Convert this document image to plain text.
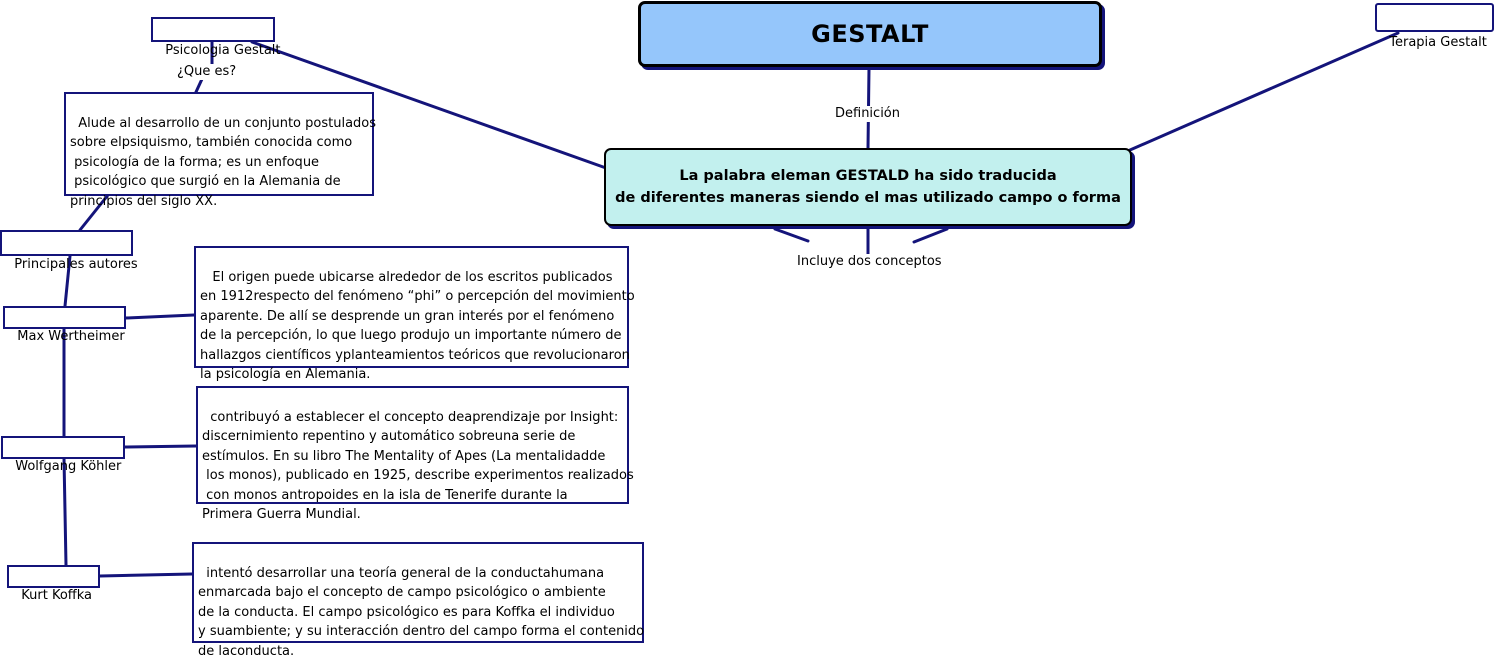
GESTALT
Definición
La palabra eleman GESTALD ha sido traducida
de diferentes maneras siendo el mas utilizado campo o forma
Incluye dos conceptos

Terapia Gestalt

Psicologia Gestalt

¿Que es?

Alude al desarrollo de un conjunto postulados
sobre elpsiquismo, también conocida como
psicología de la forma; es un enfoque
psicológico que surgió en la Alemania de
principios del siglo XX.

Principales autores

Max Wertheimer

El origen puede ubicarse alrededor de los escritos publicados
en 1912respecto del fenómeno “phi” o percepción del movimiento
aparente. De allí se desprende un gran interés por el fenómeno
de la percepción, lo que luego produjo un importante número de
hallazgos científicos yplanteamientos teóricos que revolucionaron
la psicología en Alemania.

Wolfgang Köhler

contribuyó a establecer el concepto deaprendizaje por Insight:
discernimiento repentino y automático sobreuna serie de
estímulos. En su libro The Mentality of Apes (La mentalidadde
los monos), publicado en 1925, describe experimentos realizados
con monos antropoides en la isla de Tenerife durante la
Primera Guerra Mundial.

Kurt Koffka

intentó desarrollar una teoría general de la conductahumana
enmarcada bajo el concepto de campo psicológico o ambiente
de la conducta. El campo psicológico es para Koffka el individuo
y suambiente; y su interacción dentro del campo forma el contenido
de laconducta.
